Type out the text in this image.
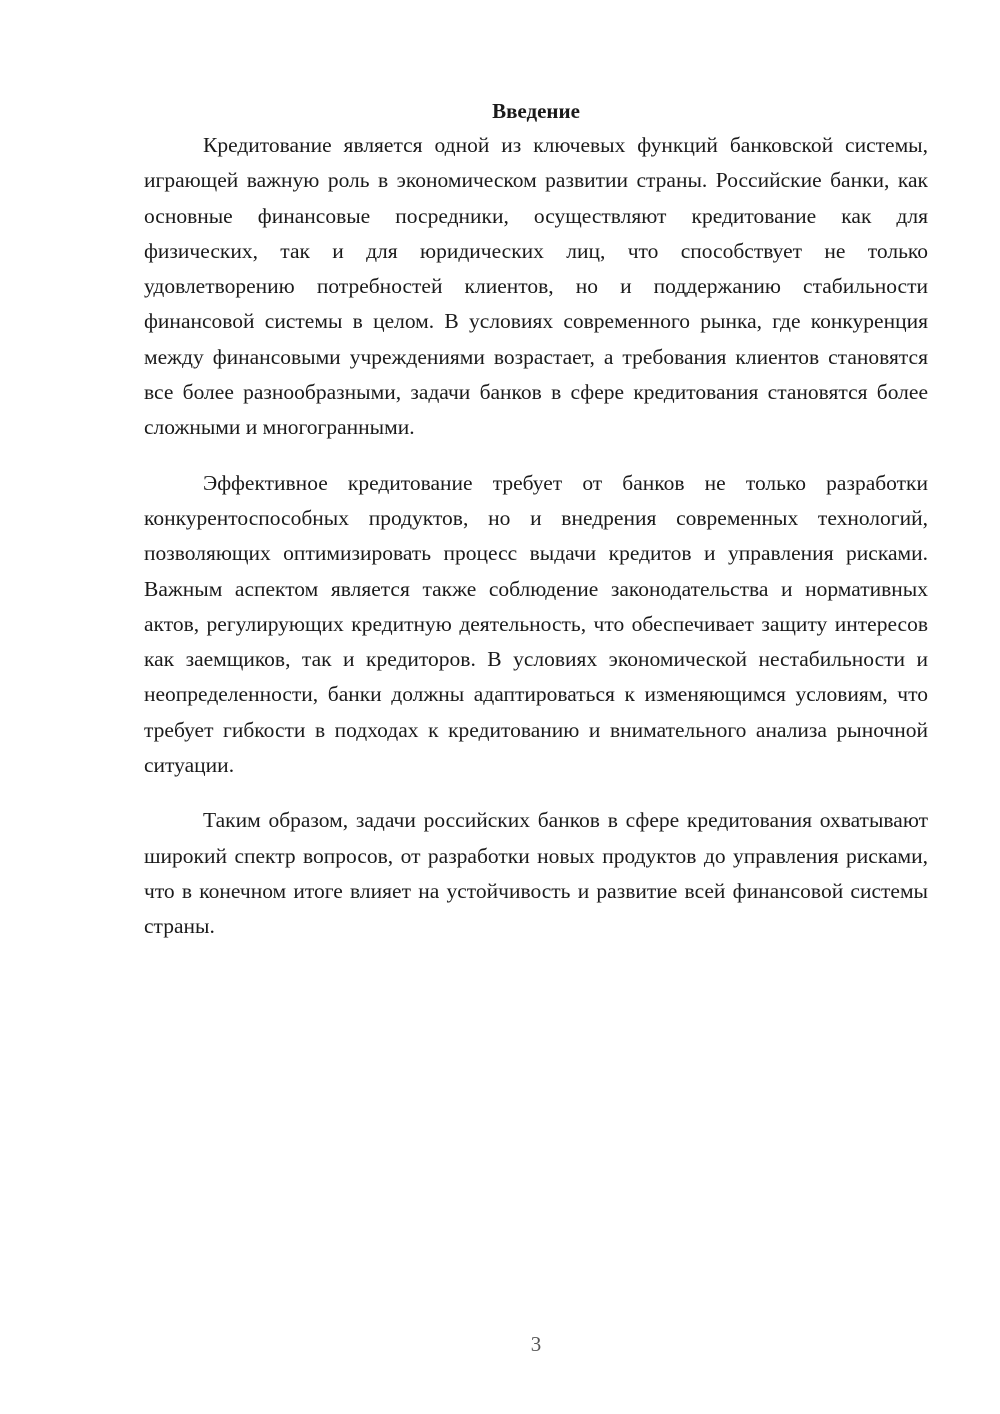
Введение

Кредитование является одной из ключевых функций банковской системы, играющей важную роль в экономическом развитии страны. Российские банки, как основные финансовые посредники, осуществляют кредитование как для физических, так и для юридических лиц, что способствует не только удовлетворению потребностей клиентов, но и поддержанию стабильности финансовой системы в целом. В условиях современного рынка, где конкуренция между финансовыми учреждениями возрастает, а требования клиентов становятся все более разнообразными, задачи банков в сфере кредитования становятся более сложными и многогранными.

Эффективное кредитование требует от банков не только разработки конкурентоспособных продуктов, но и внедрения современных технологий, позволяющих оптимизировать процесс выдачи кредитов и управления рисками. Важным аспектом является также соблюдение законодательства и нормативных актов, регулирующих кредитную деятельность, что обеспечивает защиту интересов как заемщиков, так и кредиторов. В условиях экономической нестабильности и неопределенности, банки должны адаптироваться к изменяющимся условиям, что требует гибкости в подходах к кредитованию и внимательного анализа рыночной ситуации.

Таким образом, задачи российских банков в сфере кредитования охватывают широкий спектр вопросов, от разработки новых продуктов до управления рисками, что в конечном итоге влияет на устойчивость и развитие всей финансовой системы страны.

3
